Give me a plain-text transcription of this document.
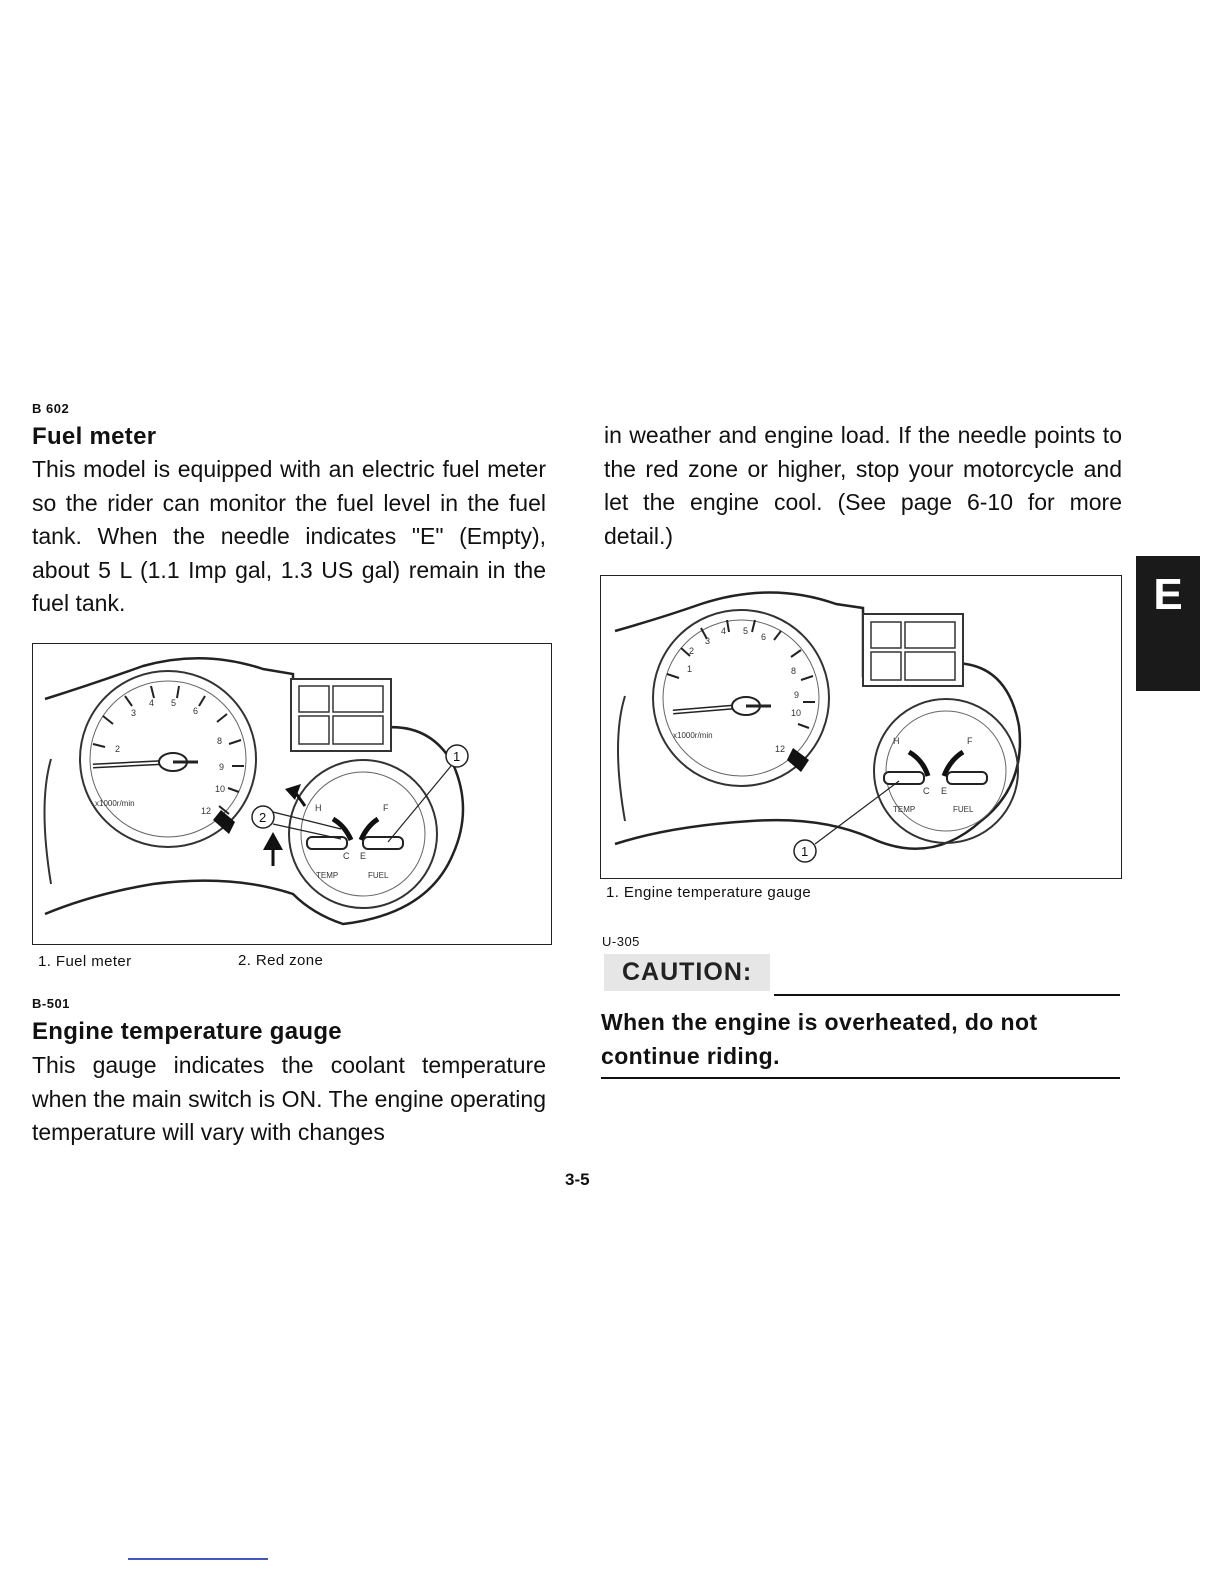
B 602
Fuel meter
This model is equipped with an electric fuel meter so the rider can monitor the fuel level in the fuel tank. When the needle indicates "E" (Empty), about 5 L (1.1 Imp gal, 1.3 US gal) remain in the fuel tank.
2
3
4 5
6
8
9
10
12
x1000r/min	H	F
C E
TEMP	FUEL
1
2
1. Fuel meter	2. Red zone
B-501
Engine temperature gauge
This gauge indicates the coolant temperature when the main switch is ON. The engine operating temperature will vary with changes
in weather and engine load. If the needle points to the red zone or higher, stop your motorcycle and let the engine cool. (See page 6-10 for more detail.)
1
2
3
4 5
6
8
9
10
12
x1000r/min
H	F
C E
TEMP	FUEL
1
1. Engine temperature gauge
U-305
CAUTION:
When the engine is overheated, do not continue riding.
E
3-5
